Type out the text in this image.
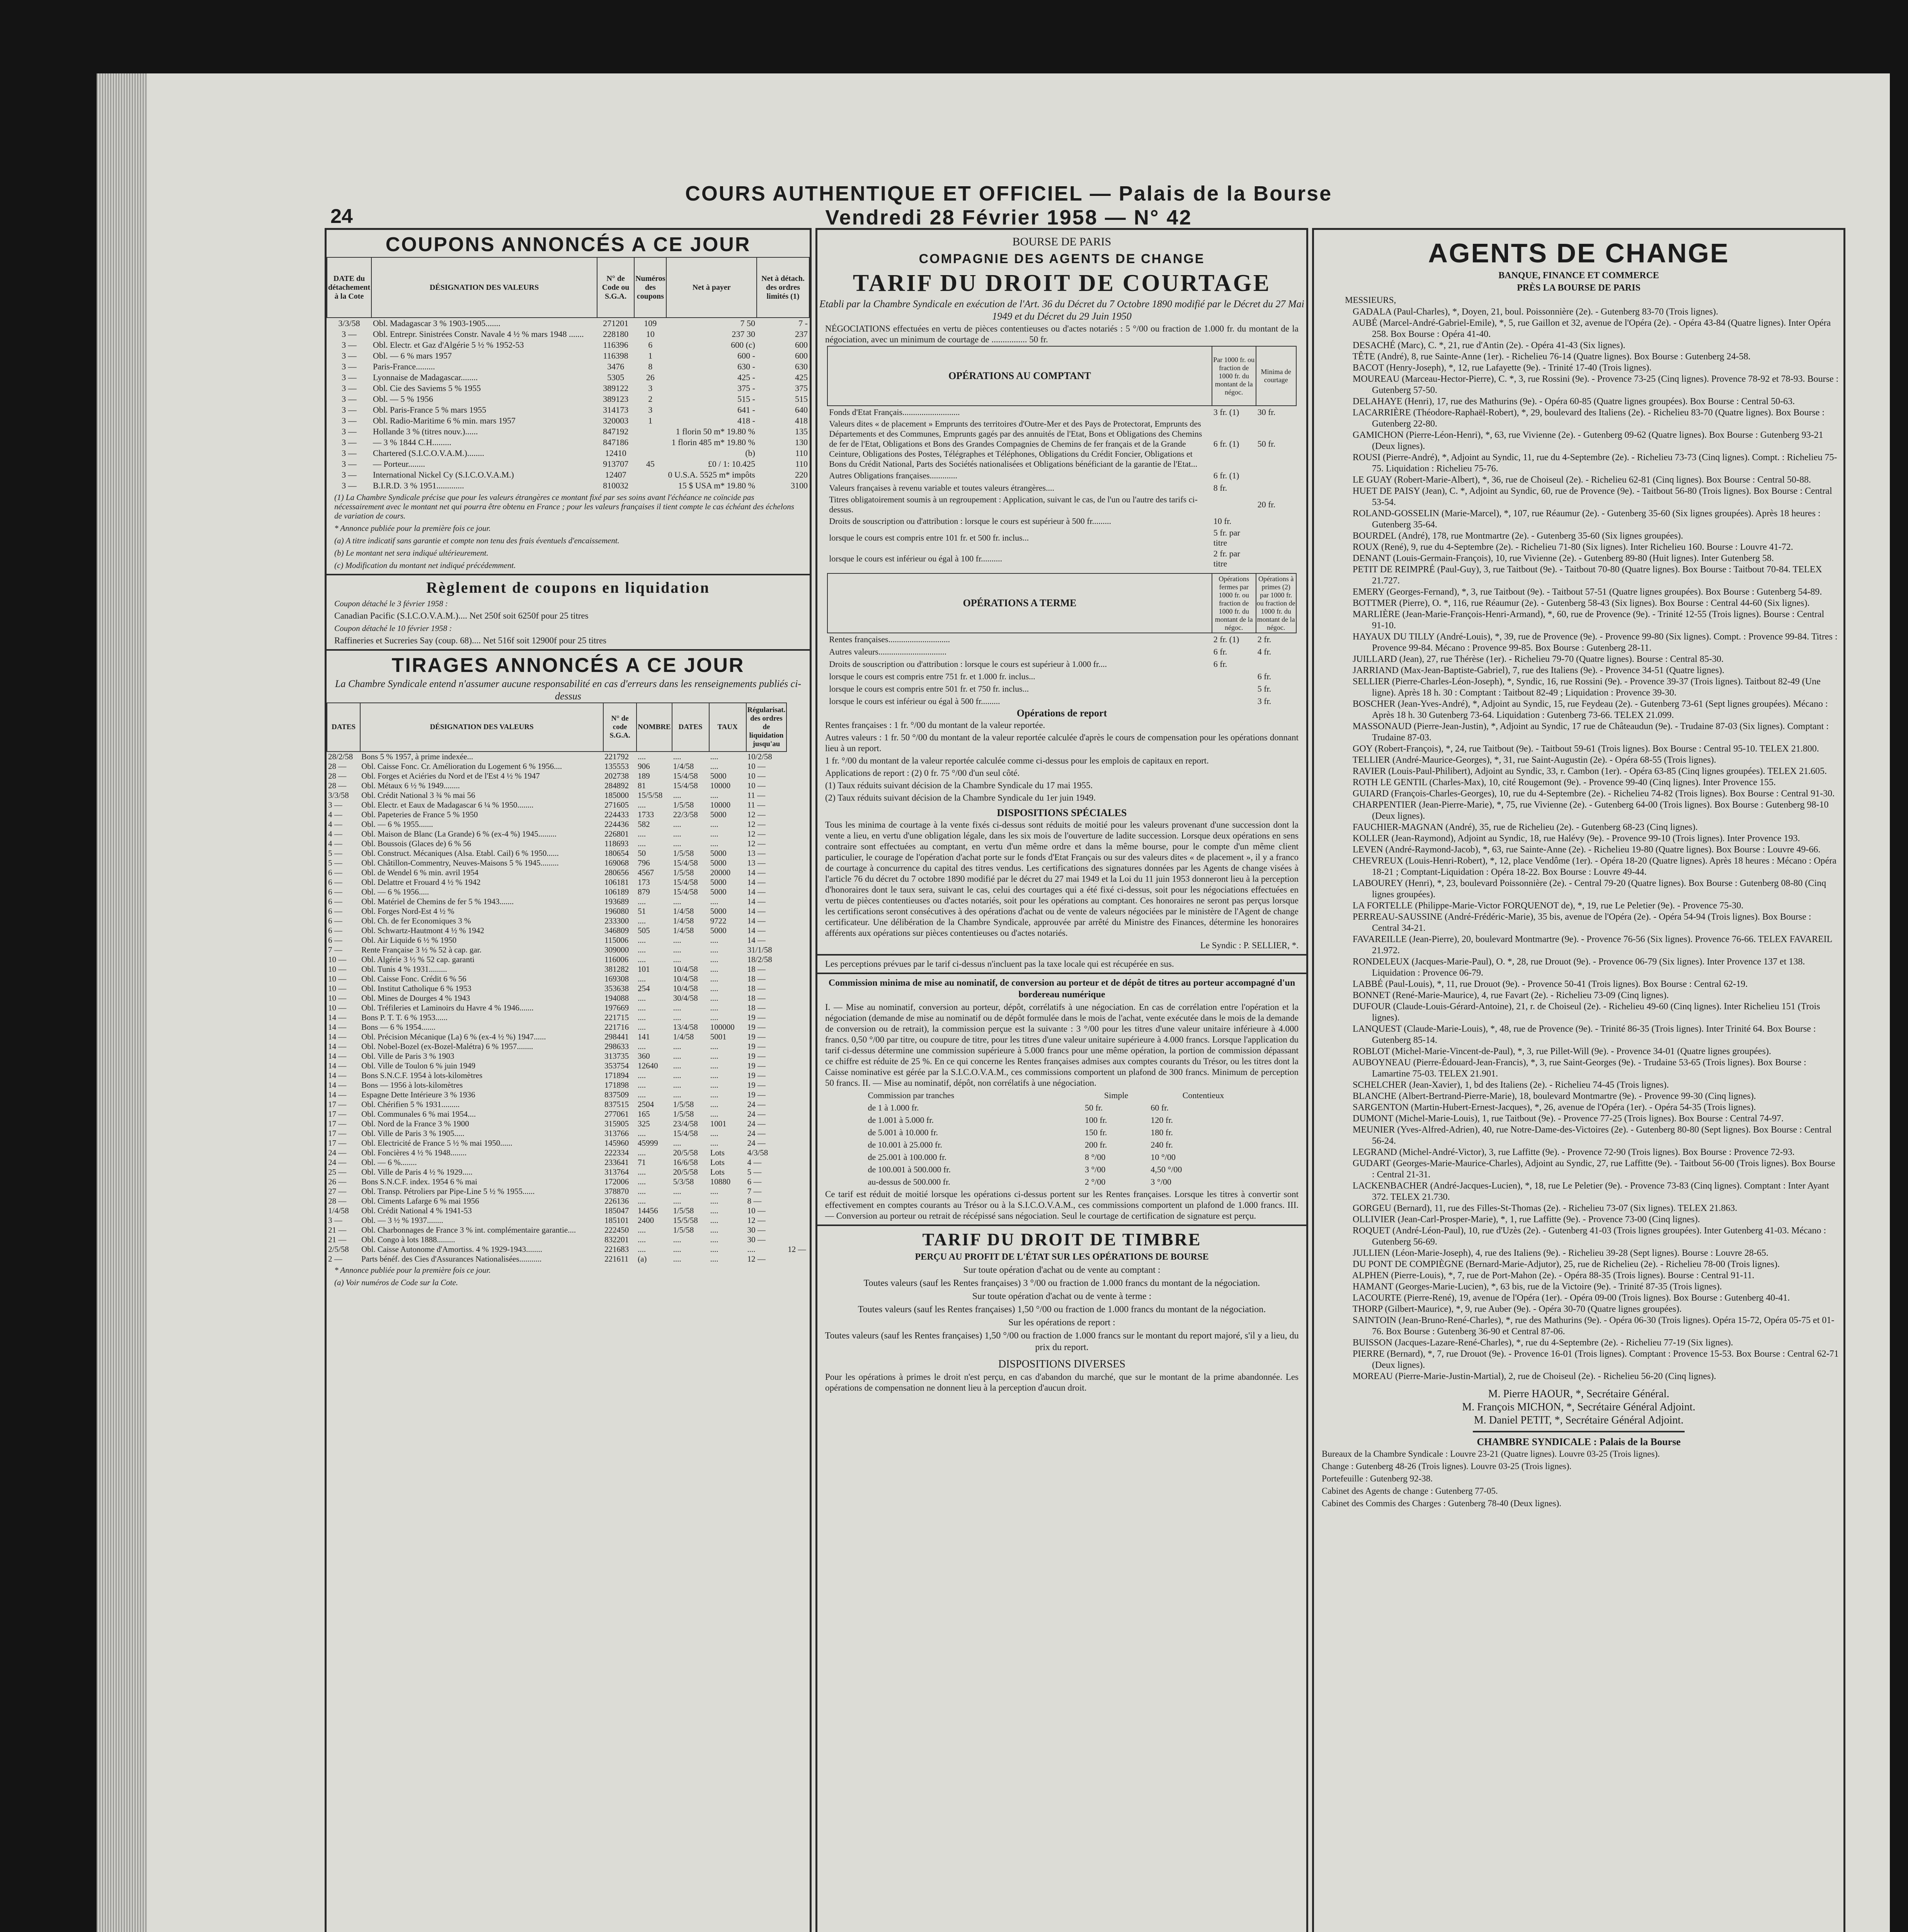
24
COURS AUTHENTIQUE ET OFFICIEL — Palais de la Bourse
Vendredi 28 Février 1958 — N° 42
COUPONS ANNONCÉS A CE JOUR
DATE du détachement à la Cote	DÉSIGNATION DES VALEURS	N° de Code ou S.G.A.	Numéros des coupons	Net à payer	Net à détach. des ordres limités (1)
3/3/58	Obl. Madagascar 3 % 1903-1905.......	271201	109	7 50	7 -
3 —	Obl. Entrepr. Sinistrées Constr. Navale 4 ½ % mars 1948 .......	228180	10	237 30	237
3 —	Obl. Electr. et Gaz d'Algérie 5 ½ % 1952-53	116396	6	600 (c)	600
3 —	Obl. — 6 % mars 1957	116398	1	600 -	600
3 —	Paris-France.........	3476	8	630 -	630
3 —	Lyonnaise de Madagascar........	5305	26	425 -	425
3 —	Obl. Cie des Saviems 5 % 1955	389122	3	375 -	375
3 —	Obl. — 5 % 1956	389123	2	515 -	515
3 —	Obl. Paris-France 5 % mars 1955	314173	3	641 -	640
3 —	Obl. Radio-Maritime 6 % min. mars 1957	320003	1	418 -	418
3 —	Hollande 3 % (titres nouv.)......	847192		1 florin 50 m* 19.80 %	135
3 —	— 3 % 1844 C.H.........	847186		1 florin 485 m* 19.80 %	130
3 —	Chartered (S.I.C.O.V.A.M.)........	12410		(b)	110
3 —	— Porteur........	913707	45	£0 / 1: 10.425	110
3 —	International Nickel Cy (S.I.C.O.V.A.M.)	12407		0 U.S.A. 5525 m* impôts	220
3 —	B.I.R.D. 3 % 1951.............	810032		15 $ USA m* 19.80 %	3100
(1) La Chambre Syndicale précise que pour les valeurs étrangères ce montant fixé par ses soins avant l'échéance ne coïncide pas nécessairement avec le montant net qui pourra être obtenu en France ; pour les valeurs françaises il tient compte le cas échéant des échelons de variation de cours.
* Annonce publiée pour la première fois ce jour.
(a) A titre indicatif sans garantie et compte non tenu des frais éventuels d'encaissement.
(b) Le montant net sera indiqué ultérieurement.
(c) Modification du montant net indiqué précédemment.
Règlement de coupons en liquidation
Coupon détaché le 3 février 1958 :
Canadian Pacific (S.I.C.O.V.A.M.).... Net 250f soit 6250f pour 25 titres
Coupon détaché le 10 février 1958 :
Raffineries et Sucreries Say (coup. 68).... Net 516f soit 12900f pour 25 titres
TIRAGES ANNONCÉS A CE JOUR
La Chambre Syndicale entend n'assumer aucune responsabilité en cas d'erreurs dans les renseignements publiés ci-dessus
DATES	DÉSIGNATION DES VALEURS	N° de code S.G.A.	NOMBRE	DATES	TAUX	Régularisat. des ordres de liquidation jusqu'au	
28/2/58	Bons 5 % 1957, à prime indexée...	221792	....	....	....	10/2/58	
28 —	Obl. Caisse Fonc. Cr. Amélioration du Logement 6 % 1956....	135553	906	1/4/58	....	10 —	
28 —	Obl. Forges et Aciéries du Nord et de l'Est 4 ½ % 1947	202738	189	15/4/58	5000	10 —	
28 —	Obl. Métaux 6 ½ % 1949........	284892	81	15/4/58	10000	10 —	
3/3/58	Obl. Crédit National 3 ¾ % mai 56	185000	15/5/58	....	....	11 —	
3 —	Obl. Electr. et Eaux de Madagascar 6 ¼ % 1950........	271605	....	1/5/58	10000	11 —	
4 —	Obl. Papeteries de France 5 % 1950	224433	1733	22/3/58	5000	12 —	
4 —	Obl. — 6 % 1955.......	224436	582	....	....	12 —	
4 —	Obl. Maison de Blanc (La Grande) 6 % (ex-4 %) 1945.........	226801	....	....	....	12 —	
4 —	Obl. Boussois (Glaces de) 6 % 56	118693	....	....	....	12 —	
5 —	Obl. Construct. Mécaniques (Alsa. Etabl. Cail) 6 % 1950......	180654	50	1/5/58	5000	13 —	
5 —	Obl. Châtillon-Commentry, Neuves-Maisons 5 % 1945.........	169068	796	15/4/58	5000	13 —	
6 —	Obl. de Wendel 6 % min. avril 1954	280656	4567	1/5/58	20000	14 —	
6 —	Obl. Delattre et Frouard 4 ½ % 1942	106181	173	15/4/58	5000	14 —	
6 —	Obl. — 6 % 1956.....	106189	879	15/4/58	5000	14 —	
6 —	Obl. Matériel de Chemins de fer 5 % 1943.......	193689	....	....	....	14 —	
6 —	Obl. Forges Nord-Est 4 ½ %	196080	51	1/4/58	5000	14 —	
6 —	Obl. Ch. de fer Economiques 3 %	233300	....	1/4/58	9722	14 —	
6 —	Obl. Schwartz-Hautmont 4 ½ % 1942	346809	505	1/4/58	5000	14 —	
6 —	Obl. Air Liquide 6 ½ % 1950	115006	....	....	....	14 —	
7 —	Rente Française 3 ½ % 52 à cap. gar.	309000	....	....	....	31/1/58	
10 —	Obl. Algérie 3 ½ % 52 cap. garanti	116006	....	....	....	18/2/58	
10 —	Obl. Tunis 4 % 1931.........	381282	101	10/4/58	....	18 —	
10 —	Obl. Caisse Fonc. Crédit 6 % 56	169308	....	10/4/58	....	18 —	
10 —	Obl. Institut Catholique 6 % 1953	353638	254	10/4/58	....	18 —	
10 —	Obl. Mines de Dourges 4 % 1943	194088	....	30/4/58	....	18 —	
10 —	Obl. Tréfileries et Laminoirs du Havre 4 % 1946.......	197669	....	....	....	18 —	
14 —	Bons P. T. T. 6 % 1953......	221715	....	....	....	19 —	
14 —	Bons — 6 % 1954.......	221716	....	13/4/58	100000	19 —	
14 —	Obl. Précision Mécanique (La) 6 % (ex-4 ½ %) 1947......	298441	141	1/4/58	5001	19 —	
14 —	Obl. Nobel-Bozel (ex-Bozel-Malétra) 6 % 1957........	298633	....	....	....	19 —	
14 —	Obl. Ville de Paris 3 % 1903	313735	360	....	....	19 —	
14 —	Obl. Ville de Toulon 6 % juin 1949	353754	12640	....	....	19 —	
14 —	Bons S.N.C.F. 1954 à lots-kilomètres	171894	....	....	....	19 —	
14 —	Bons — 1956 à lots-kilomètres	171898	....	....	....	19 —	
14 —	Espagne Dette Intérieure 3 % 1936	837509	....	....	....	19 —	
17 —	Obl. Chérifien 5 % 1931.........	837515	2504	1/5/58	....	24 —	
17 —	Obl. Communales 6 % mai 1954....	277061	165	1/5/58	....	24 —	
17 —	Obl. Nord de la France 3 % 1900	315905	325	23/4/58	1001	24 —	
17 —	Obl. Ville de Paris 3 % 1905.....	313766	....	15/4/58	....	24 —	
17 —	Obl. Electricité de France 5 ½ % mai 1950......	145960	45999	....	....	24 —	
24 —	Obl. Foncières 4 ½ % 1948........	222334	....	20/5/58	Lots	4/3/58	
24 —	Obl. — 6 %........	233641	71	16/6/58	Lots	4 —	
25 —	Obl. Ville de Paris 4 ½ % 1929.....	313764	....	20/5/58	Lots	5 —	
26 —	Bons S.N.C.F. index. 1954 6 % mai	172006	....	5/3/58	10880	6 —	
27 —	Obl. Transp. Pétroliers par Pipe-Line 5 ½ % 1955......	378870	....	....	....	7 —	
28 —	Obl. Ciments Lafarge 6 % mai 1956	226136	....	....	....	8 —	
1/4/58	Obl. Crédit National 4 % 1941-53	185047	14456	1/5/58	....	10 —	
3 —	Obl. — 3 ½ % 1937........	185101	2400	15/5/58	....	12 —	
21 —	Obl. Charbonnages de France 3 % int. complémentaire garantie....	222450	....	1/5/58	....	30 —	
21 —	Obl. Congo à lots 1888.........	832201	....	....	....	30 —	
2/5/58	Obl. Caisse Autonome d'Amortiss. 4 % 1929-1943........	221683	....	....	....	....	12 —
2 —	Parts bénéf. des Cies d'Assurances Nationalisées...........	221611	(a)	....	....	12 —	
* Annonce publiée pour la première fois ce jour.
(a) Voir numéros de Code sur la Cote.
BOURSE DE PARIS
COMPAGNIE DES AGENTS DE CHANGE
TARIF DU DROIT DE COURTAGE
Etabli par la Chambre Syndicale en exécution de l'Art. 36 du Décret du 7 Octobre 1890 modifié par le Décret du 27 Mai 1949 et du Décret du 29 Juin 1950
NÉGOCIATIONS effectuées en vertu de pièces contentieuses ou d'actes notariés : 5 °/00 ou fraction de 1.000 fr. du montant de la négociation, avec un minimum de courtage de ................ 50 fr.
OPÉRATIONS AU COMPTANT	Par 1000 fr. ou fraction de 1000 fr. du montant de la négoc.	Minima de courtage
Fonds d'Etat Français...........................	3 fr. (1)	30 fr.
Valeurs dites « de placement » Emprunts des territoires d'Outre-Mer et des Pays de Protectorat, Emprunts des Départements et des Communes, Emprunts gagés par des annuités de l'Etat, Bons et Obligations des Chemins de fer de l'Etat, Obligations et Bons des Grandes Compagnies de Chemins de fer français et de la Grande Ceinture, Obligations des Postes, Télégraphes et Téléphones, Obligations du Crédit Foncier, Obligations et Bons du Crédit National, Parts des Sociétés nationalisées et Obligations bénéficiant de la garantie de l'Etat...	6 fr. (1)	50 fr.
Autres Obligations françaises.............	6 fr. (1)	
Valeurs françaises à revenu variable et toutes valeurs étrangères....	8 fr.	
Titres obligatoirement soumis à un regroupement : Application, suivant le cas, de l'un ou l'autre des tarifs ci-dessus.		20 fr.
Droits de souscription ou d'attribution : lorsque le cours est supérieur à 500 fr.........	10 fr.	
lorsque le cours est compris entre 101 fr. et 500 fr. inclus...	5 fr. par titre	
lorsque le cours est inférieur ou égal à 100 fr..........	2 fr. par titre	
OPÉRATIONS A TERME	Opérations fermes par 1000 fr. ou fraction de 1000 fr. du montant de la négoc.	Opérations à primes (2) par 1000 fr. ou fraction de 1000 fr. du montant de la négoc.
Rentes françaises.............................	2 fr. (1)	2 fr.
Autres valeurs................................	6 fr.	4 fr.
Droits de souscription ou d'attribution : lorsque le cours est supérieur à 1.000 fr....	6 fr.	
lorsque le cours est compris entre 751 fr. et 1.000 fr. inclus...		6 fr.
lorsque le cours est compris entre 501 fr. et 750 fr. inclus...		5 fr.
lorsque le cours est inférieur ou égal à 500 fr.........		3 fr.
Opérations de report
Rentes françaises : 1 fr. °/00 du montant de la valeur reportée.
Autres valeurs : 1 fr. 50 °/00 du montant de la valeur reportée calculée d'après le cours de compensation pour les opérations donnant lieu à un report.
1 fr. °/00 du montant de la valeur reportée calculée comme ci-dessus pour les emplois de capitaux en report.
Applications de report : (2) 0 fr. 75 °/00 d'un seul côté.
(1) Taux réduits suivant décision de la Chambre Syndicale du 17 mai 1955.
(2) Taux réduits suivant décision de la Chambre Syndicale du 1er juin 1949.
DISPOSITIONS SPÉCIALES
Tous les minima de courtage à la vente fixés ci-dessus sont réduits de moitié pour les valeurs provenant d'une succession dont la vente a lieu, en vertu d'une obligation légale, dans les six mois de l'ouverture de ladite succession. Lorsque deux opérations en sens contraire sont effectuées au comptant, en vertu d'un même ordre et dans la même bourse, pour le compte d'un même client particulier, le courage de l'opération d'achat porte sur le fonds d'Etat Français ou sur des valeurs dites « de placement », il y a franco de courtage à concurrence du capital des titres vendus. Les certifications des signatures données par les Agents de change visées à l'article 76 du décret du 7 octobre 1890 modifié par le décret du 27 mai 1949 et la Loi du 11 juin 1953 donneront lieu à la perception d'honoraires dont le taux sera, suivant le cas, celui des courtages qui a été fixé ci-dessus, soit pour les négociations effectuées en vertu de pièces contentieuses ou d'actes notariés, soit pour les opérations au comptant. Ces honoraires ne seront pas perçus lorsque les certifications seront consécutives à des opérations d'achat ou de vente de valeurs négociées par le ministère de l'Agent de change certificateur. Une délibération de la Chambre Syndicale, approuvée par arrêté du Ministre des Finances, détermine les honoraires afférents aux opérations sur pièces contentieuses ou d'actes notariés.
Le Syndic : P. SELLIER, *.
Les perceptions prévues par le tarif ci-dessus n'incluent pas la taxe locale qui est récupérée en sus.
Commission minima de mise au nominatif, de conversion au porteur et de dépôt de titres au porteur accompagné d'un bordereau numérique
I. — Mise au nominatif, conversion au porteur, dépôt, corrélatifs à une négociation. En cas de corrélation entre l'opération et la négociation (demande de mise au nominatif ou de dépôt formulée dans le mois de l'achat, vente exécutée dans le mois de la demande de conversion ou de retrait), la commission perçue est la suivante : 3 °/00 pour les titres d'une valeur unitaire inférieure à 4.000 francs. 0,50 °/00 par titre, ou coupure de titre, pour les titres d'une valeur unitaire supérieure à 4.000 francs. Lorsque l'application du tarif ci-dessus détermine une commission supérieure à 5.000 francs pour une même opération, la portion de commission dépassant ce chiffre est réduite de 25 %. En ce qui concerne les Rentes françaises admises aux comptes courants du Trésor, ou les titres dont la Caisse nominative est gérée par la S.I.C.O.V.A.M., ces commissions comportent un plafond de 300 francs. Minimum de perception 50 francs. II. — Mise au nominatif, dépôt, non corrélatifs à une négociation.
Commission par tranches	Simple	Contentieux
de 1 à 1.000 fr.	50 fr.	60 fr.
de 1.001 à 5.000 fr.	100 fr.	120 fr.
de 5.001 à 10.000 fr.	150 fr.	180 fr.
de 10.001 à 25.000 fr.	200 fr.	240 fr.
de 25.001 à 100.000 fr.	8 °/00	10 °/00
de 100.001 à 500.000 fr.	3 °/00	4,50 °/00
au-dessus de 500.000 fr.	2 °/00	3 °/00
Ce tarif est réduit de moitié lorsque les opérations ci-dessus portent sur les Rentes françaises. Lorsque les titres à convertir sont effectivement en comptes courants au Trésor ou à la S.I.C.O.V.A.M., ces commissions comportent un plafond de 1.000 francs. III. — Conversion au porteur ou retrait de récépissé sans négociation. Seul le courtage de certification de signature est perçu.
TARIF DU DROIT DE TIMBRE
PERÇU AU PROFIT DE L'ÉTAT SUR LES OPÉRATIONS DE BOURSE
Sur toute opération d'achat ou de vente au comptant :
Toutes valeurs (sauf les Rentes françaises) 3 °/00 ou fraction de 1.000 francs du montant de la négociation.
Sur toute opération d'achat ou de vente à terme :
Toutes valeurs (sauf les Rentes françaises) 1,50 °/00 ou fraction de 1.000 francs du montant de la négociation.
Sur les opérations de report :
Toutes valeurs (sauf les Rentes françaises) 1,50 °/00 ou fraction de 1.000 francs sur le montant du report majoré, s'il y a lieu, du prix du report.
DISPOSITIONS DIVERSES
Pour les opérations à primes le droit n'est perçu, en cas d'abandon du marché, que sur le montant de la prime abandonnée. Les opérations de compensation ne donnent lieu à la perception d'aucun droit.
AGENTS DE CHANGE
BANQUE, FINANCE ET COMMERCE
PRÈS LA BOURSE DE PARIS
MESSIEURS,
GADALA (Paul-Charles), *, Doyen, 21, boul. Poissonnière (2e). - Gutenberg 83-70 (Trois lignes).
AUBÉ (Marcel-André-Gabriel-Emile), *, 5, rue Gaillon et 32, avenue de l'Opéra (2e). - Opéra 43-84 (Quatre lignes). Inter Opéra 258. Box Bourse : Opéra 41-40.
DESACHÉ (Marc), C. *, 21, rue d'Antin (2e). - Opéra 41-43 (Six lignes).
TÊTE (André), 8, rue Sainte-Anne (1er). - Richelieu 76-14 (Quatre lignes). Box Bourse : Gutenberg 24-58.
BACOT (Henry-Joseph), *, 12, rue Lafayette (9e). - Trinité 17-40 (Trois lignes).
MOUREAU (Marceau-Hector-Pierre), C. *, 3, rue Rossini (9e). - Provence 73-25 (Cinq lignes). Provence 78-92 et 78-93. Bourse : Gutenberg 57-50.
DELAHAYE (Henri), 17, rue des Mathurins (9e). - Opéra 60-85 (Quatre lignes groupées). Box Bourse : Central 50-63.
LACARRIÈRE (Théodore-Raphaël-Robert), *, 29, boulevard des Italiens (2e). - Richelieu 83-70 (Quatre lignes). Box Bourse : Gutenberg 22-80.
GAMICHON (Pierre-Léon-Henri), *, 63, rue Vivienne (2e). - Gutenberg 09-62 (Quatre lignes). Box Bourse : Gutenberg 93-21 (Deux lignes).
ROUSI (Pierre-André), *, Adjoint au Syndic, 11, rue du 4-Septembre (2e). - Richelieu 73-73 (Cinq lignes). Compt. : Richelieu 75-75. Liquidation : Richelieu 75-76.
LE GUAY (Robert-Marie-Albert), *, 36, rue de Choiseul (2e). - Richelieu 62-81 (Cinq lignes). Box Bourse : Central 50-88.
HUET DE PAISY (Jean), C. *, Adjoint au Syndic, 60, rue de Provence (9e). - Taitbout 56-80 (Trois lignes). Box Bourse : Central 53-54.
ROLAND-GOSSELIN (Marie-Marcel), *, 107, rue Réaumur (2e). - Gutenberg 35-60 (Six lignes groupées). Après 18 heures : Gutenberg 35-64.
BOURDEL (André), 178, rue Montmartre (2e). - Gutenberg 35-60 (Six lignes groupées).
ROUX (René), 9, rue du 4-Septembre (2e). - Richelieu 71-80 (Six lignes). Inter Richelieu 160. Bourse : Louvre 41-72.
DENANT (Louis-Germain-François), 10, rue Vivienne (2e). - Gutenberg 89-80 (Huit lignes). Inter Gutenberg 58.
PETIT DE REIMPRÉ (Paul-Guy), 3, rue Taitbout (9e). - Taitbout 70-80 (Quatre lignes). Box Bourse : Taitbout 70-84. TELEX 21.727.
EMERY (Georges-Fernand), *, 3, rue Taitbout (9e). - Taitbout 57-51 (Quatre lignes groupées). Box Bourse : Gutenberg 54-89.
BOTTMER (Pierre), O. *, 116, rue Réaumur (2e). - Gutenberg 58-43 (Six lignes). Box Bourse : Central 44-60 (Six lignes).
MARLIÈRE (Jean-Marie-François-Henri-Armand), *, 60, rue de Provence (9e). - Trinité 12-55 (Trois lignes). Bourse : Central 91-10.
HAYAUX DU TILLY (André-Louis), *, 39, rue de Provence (9e). - Provence 99-80 (Six lignes). Compt. : Provence 99-84. Titres : Provence 99-84. Mécano : Provence 99-85. Box Bourse : Gutenberg 28-11.
JUILLARD (Jean), 27, rue Thérèse (1er). - Richelieu 79-70 (Quatre lignes). Bourse : Central 85-30.
JARRIAND (Max-Jean-Baptiste-Gabriel), 7, rue des Italiens (9e). - Provence 34-51 (Quatre lignes).
SELLIER (Pierre-Charles-Léon-Joseph), *, Syndic, 16, rue Rossini (9e). - Provence 39-37 (Trois lignes). Taitbout 82-49 (Une ligne). Après 18 h. 30 : Comptant : Taitbout 82-49 ; Liquidation : Provence 39-30.
BOSCHER (Jean-Yves-André), *, Adjoint au Syndic, 15, rue Feydeau (2e). - Gutenberg 73-61 (Sept lignes groupées). Mécano : Après 18 h. 30 Gutenberg 73-64. Liquidation : Gutenberg 73-66. TELEX 21.099.
MASSONAUD (Pierre-Jean-Justin), *, Adjoint au Syndic, 17 rue de Châteaudun (9e). - Trudaine 87-03 (Six lignes). Comptant : Trudaine 87-03.
GOY (Robert-François), *, 24, rue Taitbout (9e). - Taitbout 59-61 (Trois lignes). Box Bourse : Central 95-10. TELEX 21.800.
TELLIER (André-Maurice-Georges), *, 31, rue Saint-Augustin (2e). - Opéra 68-55 (Trois lignes).
RAVIER (Louis-Paul-Philibert), Adjoint au Syndic, 33, r. Cambon (1er). - Opéra 63-85 (Cinq lignes groupées). TELEX 21.605.
ROTH LE GENTIL (Charles-Max), 10, cité Rougemont (9e). - Provence 99-40 (Cinq lignes). Inter Provence 155.
GUIARD (François-Charles-Georges), 10, rue du 4-Septembre (2e). - Richelieu 74-82 (Trois lignes). Box Bourse : Central 91-30.
CHARPENTIER (Jean-Pierre-Marie), *, 75, rue Vivienne (2e). - Gutenberg 64-00 (Trois lignes). Box Bourse : Gutenberg 98-10 (Deux lignes).
FAUCHIER-MAGNAN (André), 35, rue de Richelieu (2e). - Gutenberg 68-23 (Cinq lignes).
KOLLER (Jean-Raymond), Adjoint au Syndic, 18, rue Halévy (9e). - Provence 99-10 (Trois lignes). Inter Provence 193.
LEVEN (André-Raymond-Jacob), *, 63, rue Sainte-Anne (2e). - Richelieu 19-80 (Quatre lignes). Box Bourse : Louvre 49-66.
CHEVREUX (Louis-Henri-Robert), *, 12, place Vendôme (1er). - Opéra 18-20 (Quatre lignes). Après 18 heures : Mécano : Opéra 18-21 ; Comptant-Liquidation : Opéra 18-22. Box Bourse : Louvre 49-44.
LABOUREY (Henri), *, 23, boulevard Poissonnière (2e). - Central 79-20 (Quatre lignes). Box Bourse : Gutenberg 08-80 (Cinq lignes groupées).
LA FORTELLE (Philippe-Marie-Victor FORQUENOT de), *, 19, rue Le Peletier (9e). - Provence 75-30.
PERREAU-SAUSSINE (André-Frédéric-Marie), 35 bis, avenue de l'Opéra (2e). - Opéra 54-94 (Trois lignes). Box Bourse : Central 34-21.
FAVAREILLE (Jean-Pierre), 20, boulevard Montmartre (9e). - Provence 76-56 (Six lignes). Provence 76-66. TELEX FAVAREIL 21.972.
RONDELEUX (Jacques-Marie-Paul), O. *, 28, rue Drouot (9e). - Provence 06-79 (Six lignes). Inter Provence 137 et 138. Liquidation : Provence 06-79.
LABBÉ (Paul-Louis), *, 11, rue Drouot (9e). - Provence 50-41 (Trois lignes). Box Bourse : Central 62-19.
BONNET (René-Marie-Maurice), 4, rue Favart (2e). - Richelieu 73-09 (Cinq lignes).
DUFOUR (Claude-Louis-Gérard-Antoine), 21, r. de Choiseul (2e). - Richelieu 49-60 (Cinq lignes). Inter Richelieu 151 (Trois lignes).
LANQUEST (Claude-Marie-Louis), *, 48, rue de Provence (9e). - Trinité 86-35 (Trois lignes). Inter Trinité 64. Box Bourse : Gutenberg 85-14.
ROBLOT (Michel-Marie-Vincent-de-Paul), *, 3, rue Pillet-Will (9e). - Provence 34-01 (Quatre lignes groupées).
AUBOYNEAU (Pierre-Édouard-Jean-Francis), *, 3, rue Saint-Georges (9e). - Trudaine 53-65 (Trois lignes). Box Bourse : Lamartine 75-03. TELEX 21.901.
SCHELCHER (Jean-Xavier), 1, bd des Italiens (2e). - Richelieu 74-45 (Trois lignes).
BLANCHE (Albert-Bertrand-Pierre-Marie), 18, boulevard Montmartre (9e). - Provence 99-30 (Cinq lignes).
SARGENTON (Martin-Hubert-Ernest-Jacques), *, 26, avenue de l'Opéra (1er). - Opéra 54-35 (Trois lignes).
DUMONT (Michel-Marie-Louis), 1, rue Taitbout (9e). - Provence 77-25 (Trois lignes). Box Bourse : Central 74-97.
MEUNIER (Yves-Alfred-Adrien), 40, rue Notre-Dame-des-Victoires (2e). - Gutenberg 80-80 (Sept lignes). Box Bourse : Central 56-24.
LEGRAND (Michel-André-Victor), 3, rue Laffitte (9e). - Provence 72-90 (Trois lignes). Box Bourse : Provence 72-93.
GUDART (Georges-Marie-Maurice-Charles), Adjoint au Syndic, 27, rue Laffitte (9e). - Taitbout 56-00 (Trois lignes). Box Bourse : Central 21-31.
LACKENBACHER (André-Jacques-Lucien), *, 18, rue Le Peletier (9e). - Provence 73-83 (Cinq lignes). Comptant : Inter Ayant 372. TELEX 21.730.
GORGEU (Bernard), 11, rue des Filles-St-Thomas (2e). - Richelieu 73-07 (Six lignes). TELEX 21.863.
OLLIVIER (Jean-Carl-Prosper-Marie), *, 1, rue Laffitte (9e). - Provence 73-00 (Cinq lignes).
ROQUET (André-Léon-Paul), 10, rue d'Uzès (2e). - Gutenberg 41-03 (Trois lignes groupées). Inter Gutenberg 41-03. Mécano : Gutenberg 56-69.
JULLIEN (Léon-Marie-Joseph), 4, rue des Italiens (9e). - Richelieu 39-28 (Sept lignes). Bourse : Louvre 28-65.
DU PONT DE COMPIÈGNE (Bernard-Marie-Adjutor), 25, rue de Richelieu (2e). - Richelieu 78-00 (Trois lignes).
ALPHEN (Pierre-Louis), *, 7, rue de Port-Mahon (2e). - Opéra 88-35 (Trois lignes). Bourse : Central 91-11.
HAMANT (Georges-Marie-Lucien), *, 63 bis, rue de la Victoire (9e). - Trinité 87-35 (Trois lignes).
LACOURTE (Pierre-René), 19, avenue de l'Opéra (1er). - Opéra 09-00 (Trois lignes). Box Bourse : Gutenberg 40-41.
THORP (Gilbert-Maurice), *, 9, rue Auber (9e). - Opéra 30-70 (Quatre lignes groupées).
SAINTOIN (Jean-Bruno-René-Charles), *, rue des Mathurins (9e). - Opéra 06-30 (Trois lignes). Opéra 15-72, Opéra 05-75 et 01-76. Box Bourse : Gutenberg 36-90 et Central 87-06.
BUISSON (Jacques-Lazare-René-Charles), *, rue du 4-Septembre (2e). - Richelieu 77-19 (Six lignes).
PIERRE (Bernard), *, 7, rue Drouot (9e). - Provence 16-01 (Trois lignes). Comptant : Provence 15-53. Box Bourse : Central 62-71 (Deux lignes).
MOREAU (Pierre-Marie-Justin-Martial), 2, rue de Choiseul (2e). - Richelieu 56-20 (Cinq lignes).
M. Pierre HAOUR, *, Secrétaire Général.
M. François MICHON, *, Secrétaire Général Adjoint.
M. Daniel PETIT, *, Secrétaire Général Adjoint.
CHAMBRE SYNDICALE : Palais de la Bourse
Bureaux de la Chambre Syndicale : Louvre 23-21 (Quatre lignes). Louvre 03-25 (Trois lignes).
Change : Gutenberg 48-26 (Trois lignes). Louvre 03-25 (Trois lignes).
Portefeuille : Gutenberg 92-38.
Cabinet des Agents de change : Gutenberg 77-05.
Cabinet des Commis des Charges : Gutenberg 78-40 (Deux lignes).
